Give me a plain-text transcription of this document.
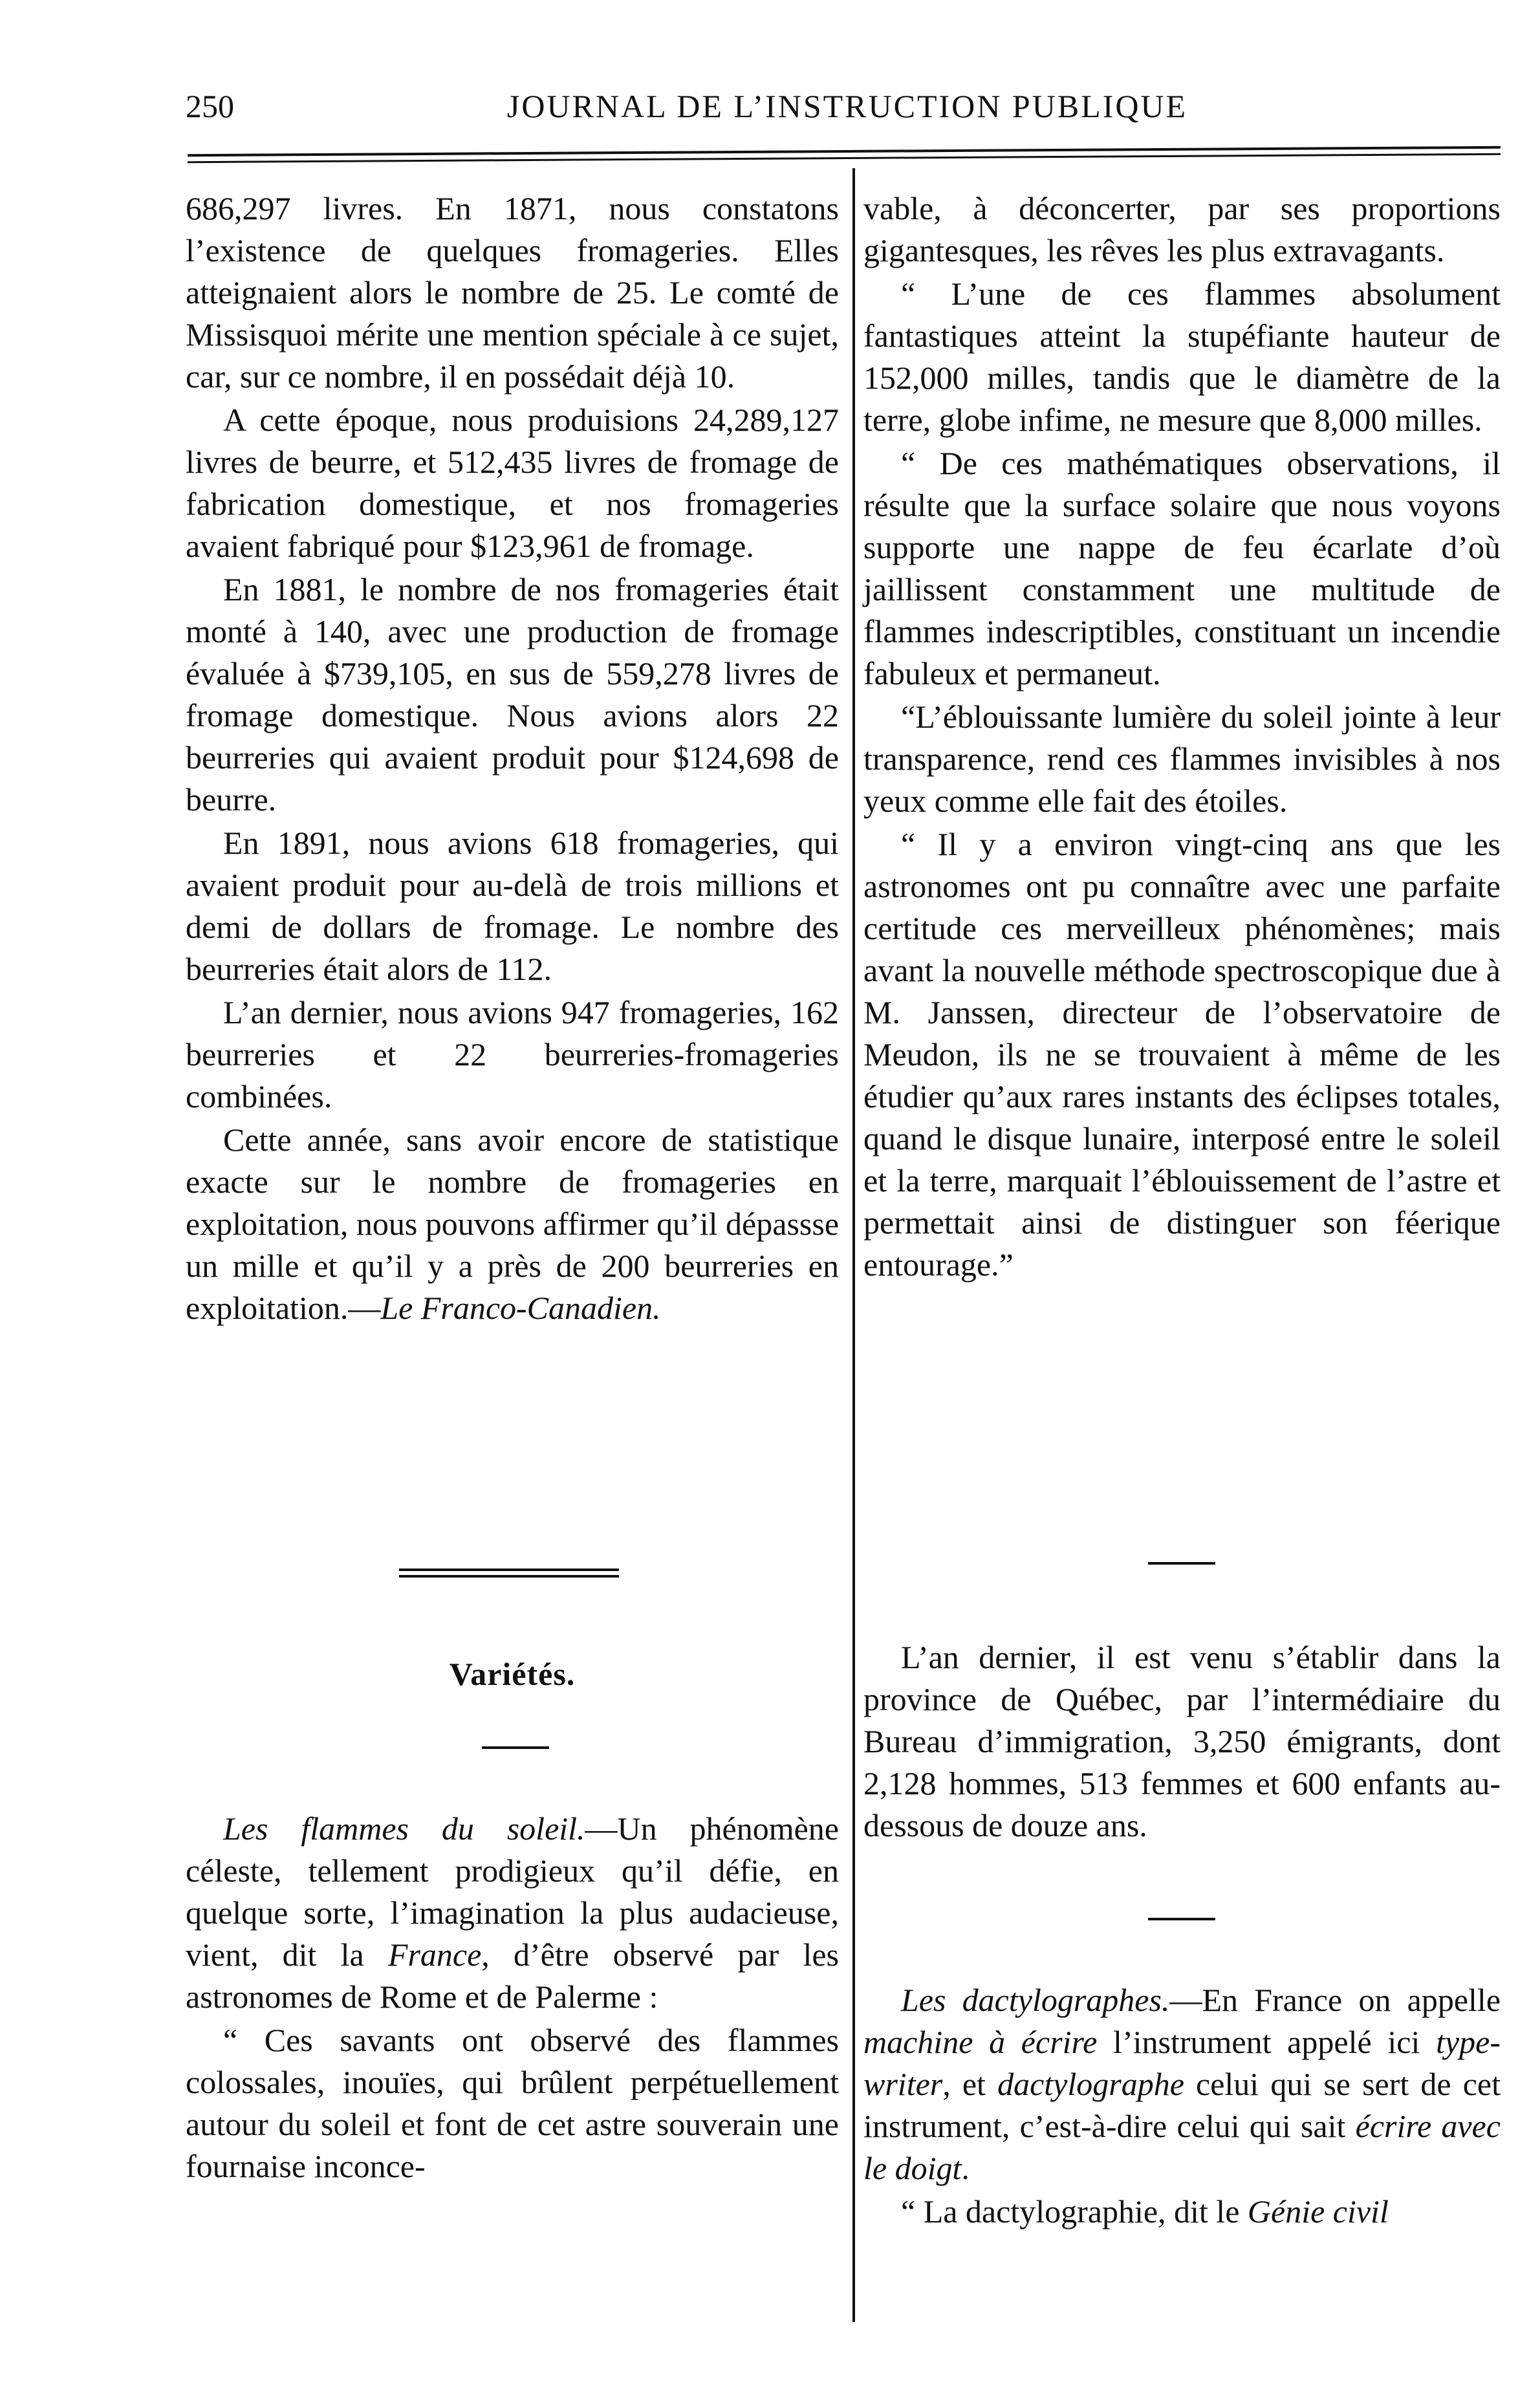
250	JOURNAL DE L’INSTRUCTION PUBLIQUE

686,297 livres. En 1871, nous constatons l’existence de quelques fromageries. Elles atteignaient alors le nombre de 25. Le comté de Missisquoi mérite une mention spéciale à ce sujet, car, sur ce nombre, il en possédait déjà 10.

A cette époque, nous produisions 24,289,127 livres de beurre, et 512,435 livres de fromage de fabrication domestique, et nos fromageries avaient fabriqué pour $123,961 de fromage.

En 1881, le nombre de nos fromageries était monté à 140, avec une production de fromage évaluée à $739,105, en sus de 559,278 livres de fromage domestique. Nous avions alors 22 beurreries qui avaient produit pour $124,698 de beurre.

En 1891, nous avions 618 fromageries, qui avaient produit pour au-delà de trois millions et demi de dollars de fromage. Le nombre des beurreries était alors de 112.

L’an dernier, nous avions 947 fromageries, 162 beurreries et 22 beurreries-fromageries combinées.

Cette année, sans avoir encore de statistique exacte sur le nombre de fromageries en exploitation, nous pouvons affirmer qu’il dépassse un mille et qu’il y a près de 200 beurreries en exploitation.—Le Franco-Canadien.

Variétés.

Les flammes du soleil.—Un phénomène céleste, tellement prodigieux qu’il défie, en quelque sorte, l’imagination la plus audacieuse, vient, dit la France, d’être observé par les astronomes de Rome et de Palerme :

“ Ces savants ont observé des flammes colossales, inouïes, qui brûlent perpétuellement autour du soleil et font de cet astre souverain une fournaise inconce-

vable, à déconcerter, par ses proportions gigantesques, les rêves les plus extravagants.

“ L’une de ces flammes absolument fantastiques atteint la stupéfiante hauteur de 152,000 milles, tandis que le diamètre de la terre, globe infime, ne mesure que 8,000 milles.

“ De ces mathématiques observations, il résulte que la surface solaire que nous voyons supporte une nappe de feu écarlate d’où jaillissent constamment une multitude de flammes indescriptibles, constituant un incendie fabuleux et permaneut.

“L’éblouissante lumière du soleil jointe à leur transparence, rend ces flammes invisibles à nos yeux comme elle fait des étoiles.

“ Il y a environ vingt-cinq ans que les astronomes ont pu connaître avec une parfaite certitude ces merveilleux phénomènes; mais avant la nouvelle méthode spectroscopique due à M. Janssen, directeur de l’observatoire de Meudon, ils ne se trouvaient à même de les étudier qu’aux rares instants des éclipses totales, quand le disque lunaire, interposé entre le soleil et la terre, marquait l’éblouissement de l’astre et permettait ainsi de distinguer son féerique entourage.”

L’an dernier, il est venu s’établir dans la province de Québec, par l’intermédiaire du Bureau d’immigration, 3,250 émigrants, dont 2,128 hommes, 513 femmes et 600 enfants au-dessous de douze ans.

Les dactylographes.—En France on appelle machine à écrire l’instrument appelé ici type-writer, et dactylographe celui qui se sert de cet instrument, c’est-à-dire celui qui sait écrire avec le doigt.

“ La dactylographie, dit le Génie civil
